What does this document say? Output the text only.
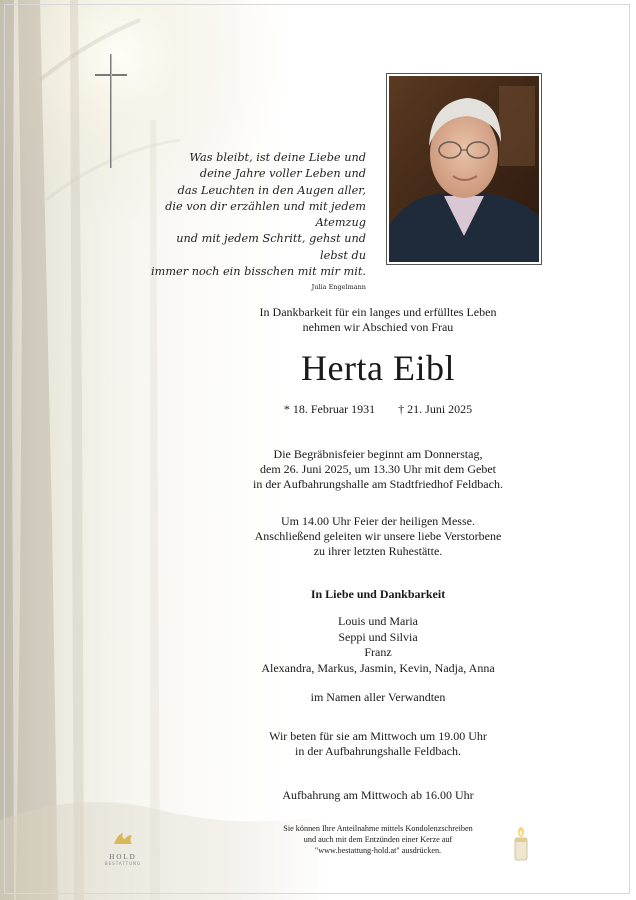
Was bleibt, ist deine Liebe und
deine Jahre voller Leben und
das Leuchten in den Augen aller,
die von dir erzählen und mit jedem Atemzug
und mit jedem Schritt, gehst und lebst du
immer noch ein bisschen mit mir mit.
Julia Engelmann
In Dankbarkeit für ein langes und erfülltes Leben
nehmen wir Abschied von Frau
Herta Eibl
* 18. Februar 1931 † 21. Juni 2025
Die Begräbnisfeier beginnt am Donnerstag,
dem 26. Juni 2025, um 13.30 Uhr mit dem Gebet
in der Aufbahrungshalle am Stadtfriedhof Feldbach.
Um 14.00 Uhr Feier der heiligen Messe.
Anschließend geleiten wir unsere liebe Verstorbene
zu ihrer letzten Ruhestätte.
In Liebe und Dankbarkeit
Louis und Maria
Seppi und Silvia
Franz
Alexandra, Markus, Jasmin, Kevin, Nadja, Anna
im Namen aller Verwandten
Wir beten für sie am Mittwoch um 19.00 Uhr
in der Aufbahrungshalle Feldbach.
Aufbahrung am Mittwoch ab 16.00 Uhr
Sie können Ihre Anteilnahme mittels Kondolenzschreiben
und auch mit dem Entzünden einer Kerze auf
"www.bestattung-hold.at" ausdrücken.
HOLD
BESTATTUNG
